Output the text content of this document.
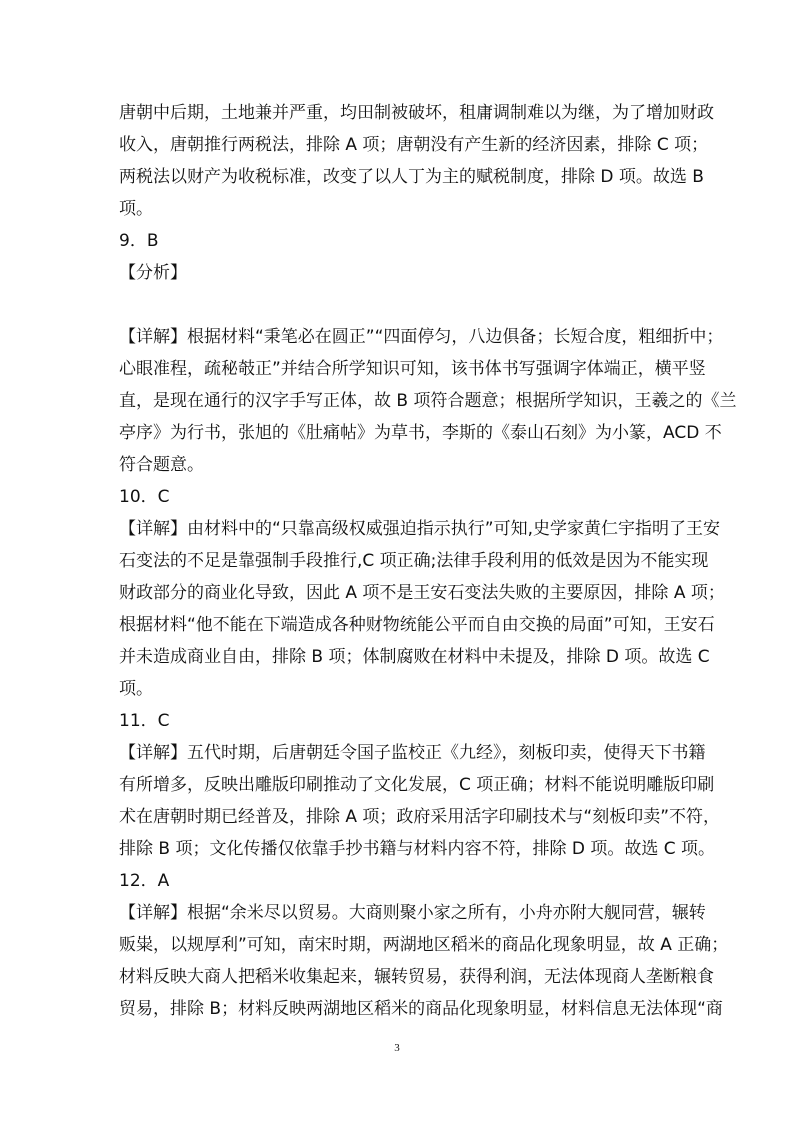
唐朝中后期，土地兼并严重，均田制被破坏，租庸调制难以为继，为了增加财政
收入，唐朝推行两税法，排除 A 项；唐朝没有产生新的经济因素，排除 C 项；
两税法以财产为收税标准，改变了以人丁为主的赋税制度，排除 D 项。故选 B
项。
9．B
【分析】
【详解】根据材料“秉笔必在圆正”“四面停匀，八边俱备；长短合度，粗细折中；
心眼准程，疏秘攲正”并结合所学知识可知，该书体书写强调字体端正，横平竖
直，是现在通行的汉字手写正体，故 B 项符合题意；根据所学知识，王羲之的《兰
亭序》为行书，张旭的《肚痛帖》为草书，李斯的《泰山石刻》为小篆，ACD 不
符合题意。
10．C
【详解】由材料中的“只靠高级权威强迫指示执行”可知,史学家黄仁宇指明了王安
石变法的不足是靠强制手段推行,C 项正确;法律手段利用的低效是因为不能实现
财政部分的商业化导致，因此 A 项不是王安石变法失败的主要原因，排除 A 项；
根据材料“他不能在下端造成各种财物统能公平而自由交换的局面”可知，王安石
并未造成商业自由，排除 B 项；体制腐败在材料中未提及，排除 D 项。故选 C
项。
11．C
【详解】五代时期，后唐朝廷令国子监校正《九经》，刻板印卖，使得天下书籍
有所增多，反映出雕版印刷推动了文化发展，C 项正确；材料不能说明雕版印刷
术在唐朝时期已经普及，排除 A 项；政府采用活字印刷技术与“刻板印卖”不符，
排除 B 项；文化传播仅依靠手抄书籍与材料内容不符，排除 D 项。故选 C 项。
12．A
【详解】根据“余米尽以贸易。大商则聚小家之所有，小舟亦附大舰同营，辗转
贩粜，以规厚利”可知，南宋时期，两湖地区稻米的商品化现象明显，故 A 正确；
材料反映大商人把稻米收集起来，辗转贸易，获得利润，无法体现商人垄断粮食
贸易，排除 B；材料反映两湖地区稻米的商品化现象明显，材料信息无法体现“商
3
